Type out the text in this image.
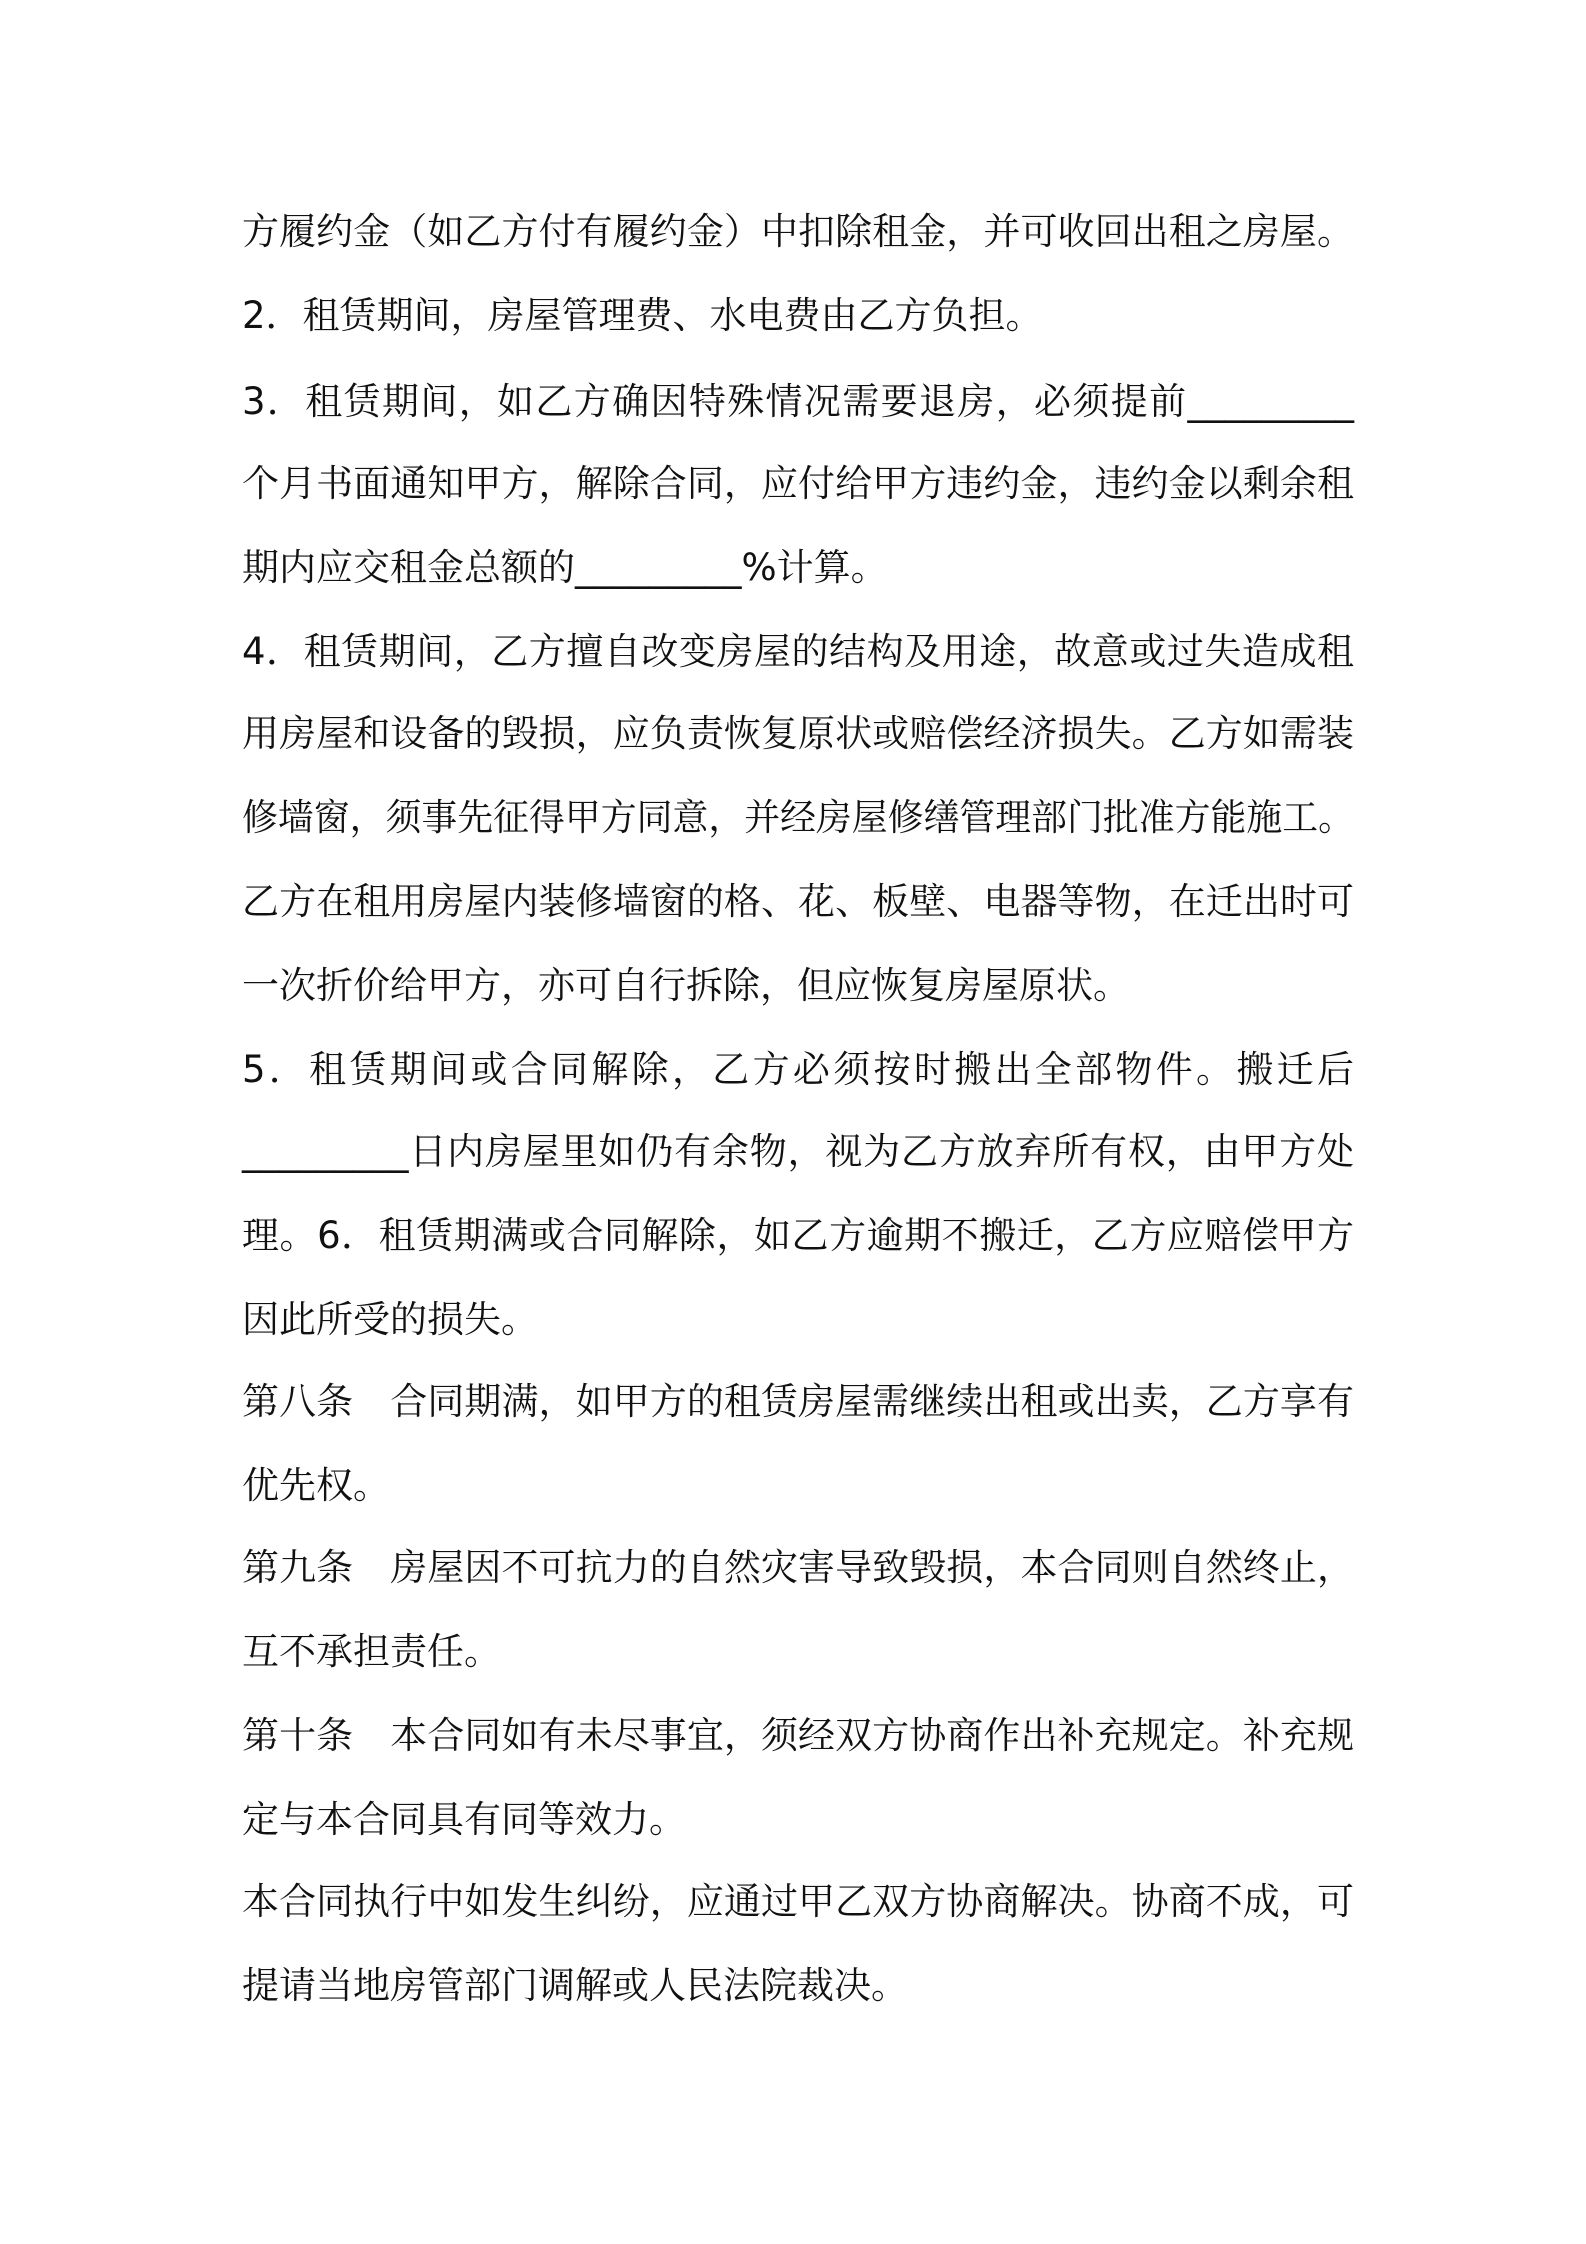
方履约金（如乙方付有履约金）中扣除租金，并可收回出租之房屋。
2．租赁期间，房屋管理费、水电费由乙方负担。
3．租赁期间，如乙方确因特殊情况需要退房，必须提前_________
个月书面通知甲方，解除合同，应付给甲方违约金，违约金以剩余租
期内应交租金总额的_________%计算。
4．租赁期间，乙方擅自改变房屋的结构及用途，故意或过失造成租
用房屋和设备的毁损，应负责恢复原状或赔偿经济损失。乙方如需装
修墙窗，须事先征得甲方同意，并经房屋修缮管理部门批准方能施工。
乙方在租用房屋内装修墙窗的格、花、板壁、电器等物，在迁出时可
一次折价给甲方，亦可自行拆除，但应恢复房屋原状。
5．租赁期间或合同解除，乙方必须按时搬出全部物件。搬迁后
_________日内房屋里如仍有余物，视为乙方放弃所有权，由甲方处
理。6．租赁期满或合同解除，如乙方逾期不搬迁，乙方应赔偿甲方
因此所受的损失。
第八条　合同期满，如甲方的租赁房屋需继续出租或出卖，乙方享有
优先权。
第九条　房屋因不可抗力的自然灾害导致毁损，本合同则自然终止，
互不承担责任。
第十条　本合同如有未尽事宜，须经双方协商作出补充规定。补充规
定与本合同具有同等效力。
本合同执行中如发生纠纷，应通过甲乙双方协商解决。协商不成，可
提请当地房管部门调解或人民法院裁决。
